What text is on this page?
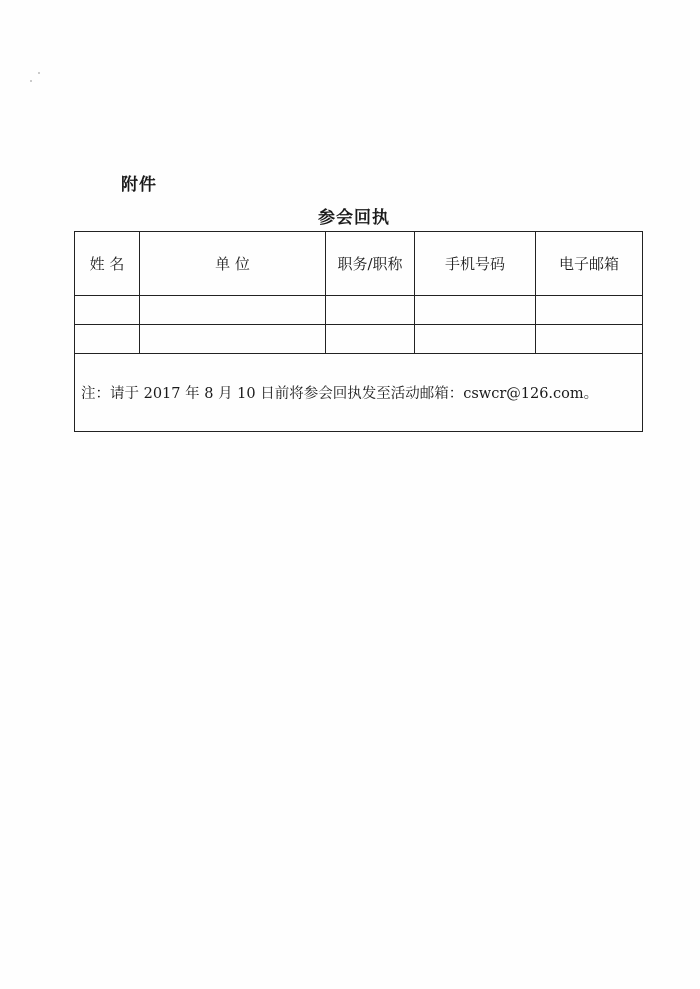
附件
参会回执
姓 名	单 位	职务/职称	手机号码	电子邮箱

注：请于 2017 年 8 月 10 日前将参会回执发至活动邮箱：cswcr@126.com。				
